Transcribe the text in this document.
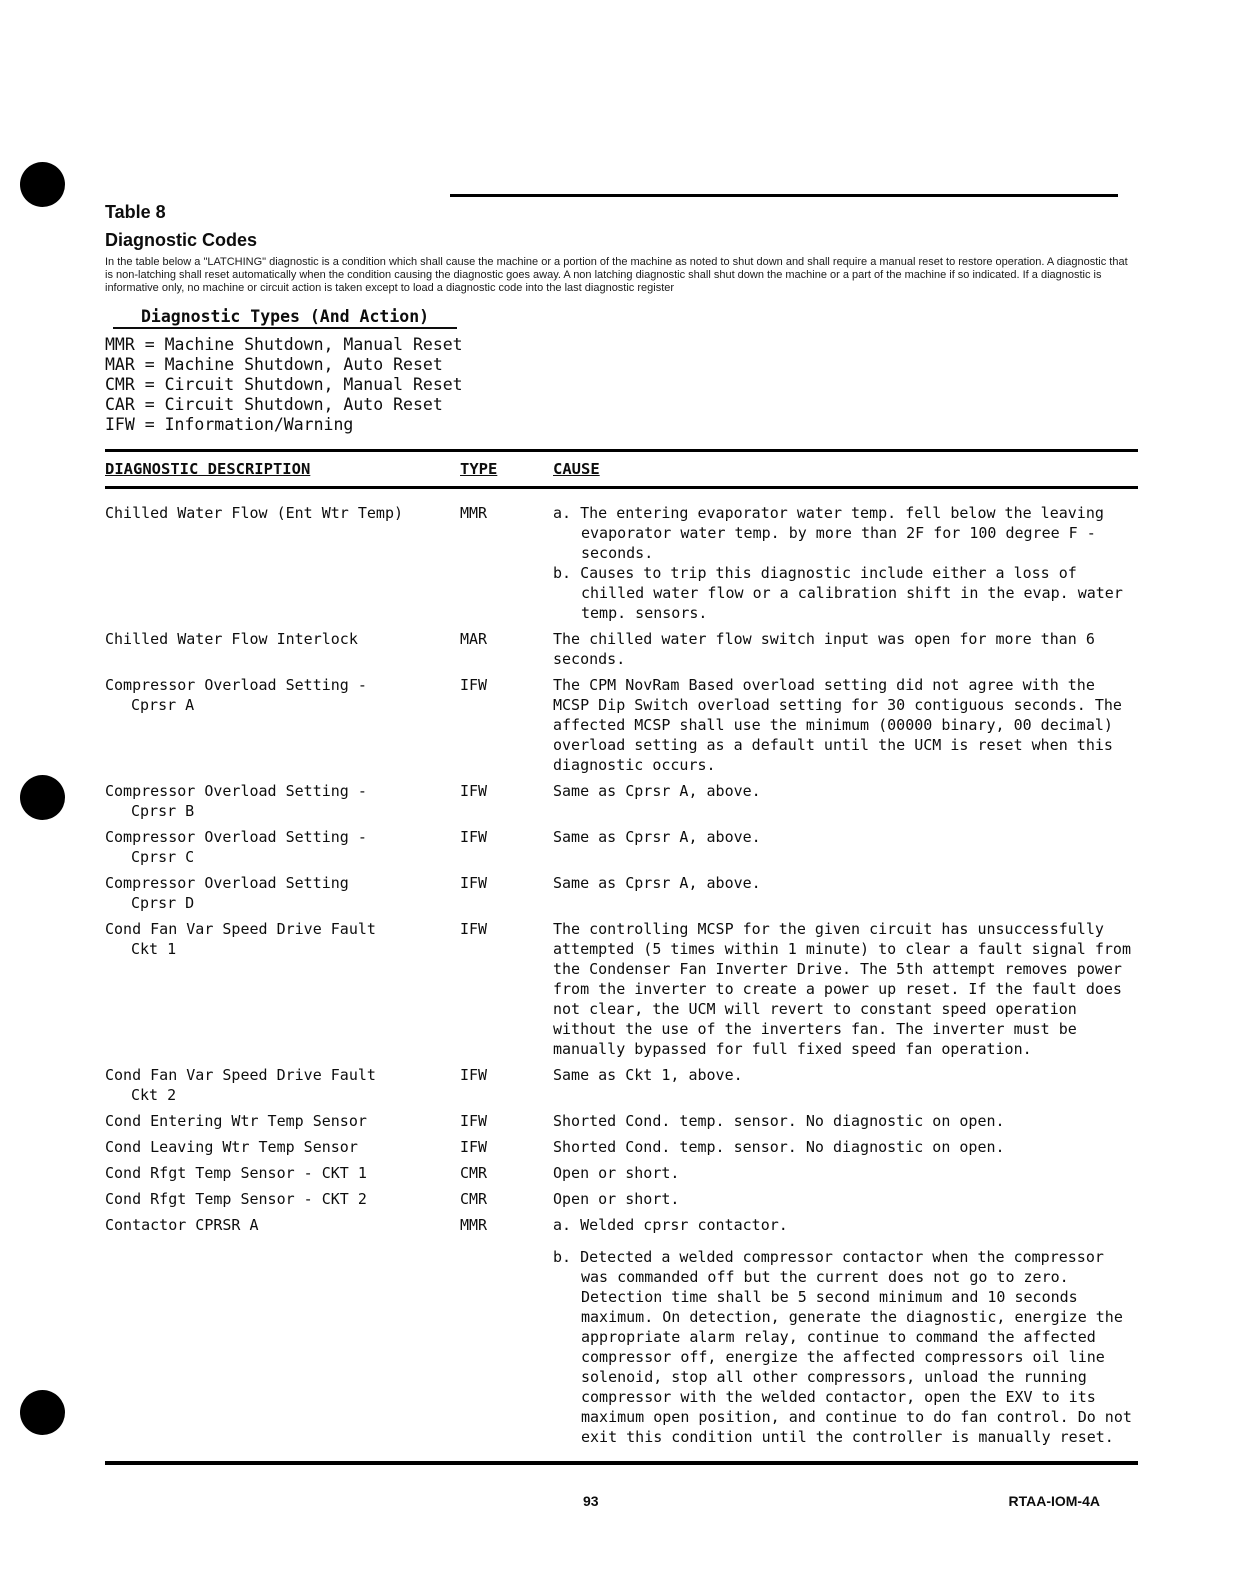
Table 8
Diagnostic Codes

In the table below a "LATCHING" diagnostic is a condition which shall cause the machine or a portion of the machine as noted to shut down and shall require a manual reset to restore operation. A diagnostic that is non-latching shall reset automatically when the condition causing the diagnostic goes away. A non latching diagnostic shall shut down the machine or a part of the machine if so indicated. If a diagnostic is informative only, no machine or circuit action is taken except to load a diagnostic code into the last diagnostic register

Diagnostic Types (And Action)
MMR = Machine Shutdown, Manual Reset
MAR = Machine Shutdown, Auto Reset
CMR = Circuit Shutdown, Manual Reset
CAR = Circuit Shutdown, Auto Reset
IFW = Information/Warning
DIAGNOSTIC DESCRIPTION	TYPE	CAUSE
Chilled Water Flow (Ent Wtr Temp)	MMR	a. The entering evaporator water temp. fell below the leaving evaporator water temp. by more than 2F for 100 degree F - seconds.

b. Causes to trip this diagnostic include either a loss of chilled water flow or a calibration shift in the evap. water temp. sensors.

Chilled Water Flow Interlock	MAR	The chilled water flow switch input was open for more than 6 seconds.

Compressor Overload Setting -
Cprsr A
IFW	The CPM NovRam Based overload setting did not agree with the MCSP Dip Switch overload setting for 30 contiguous seconds. The affected MCSP shall use the minimum (00000 binary, 00 decimal) overload setting as a default until the UCM is reset when this diagnostic occurs.

Compressor Overload Setting -
Cprsr B
IFW	Same as Cprsr A, above.

Compressor Overload Setting -
Cprsr C
IFW	Same as Cprsr A, above.

Compressor Overload Setting
Cprsr D
IFW	Same as Cprsr A, above.

Cond Fan Var Speed Drive Fault
Ckt 1
IFW	The controlling MCSP for the given circuit has unsuccessfully attempted (5 times within 1 minute) to clear a fault signal from the Condenser Fan Inverter Drive. The 5th attempt removes power from the inverter to create a power up reset. If the fault does not clear, the UCM will revert to constant speed operation without the use of the inverters fan. The inverter must be manually bypassed for full fixed speed fan operation.

Cond Fan Var Speed Drive Fault
Ckt 2
IFW	Same as Ckt 1, above.

Cond Entering Wtr Temp Sensor	IFW	Shorted Cond. temp. sensor. No diagnostic on open.

Cond Leaving Wtr Temp Sensor	IFW	Shorted Cond. temp. sensor. No diagnostic on open.

Cond Rfgt Temp Sensor - CKT 1	CMR	Open or short.

Cond Rfgt Temp Sensor - CKT 2	CMR	Open or short.

Contactor CPRSR A	MMR	a. Welded cprsr contactor.

b. Detected a welded compressor contactor when the compressor was commanded off but the current does not go to zero. Detection time shall be 5 second minimum and 10 seconds maximum. On detection, generate the diagnostic, energize the appropriate alarm relay, continue to command the affected compressor off, energize the affected compressors oil line solenoid, stop all other compressors, unload the running compressor with the welded contactor, open the EXV to its maximum open position, and continue to do fan control. Do not exit this condition until the controller is manually reset.

93	RTAA-IOM-4A
